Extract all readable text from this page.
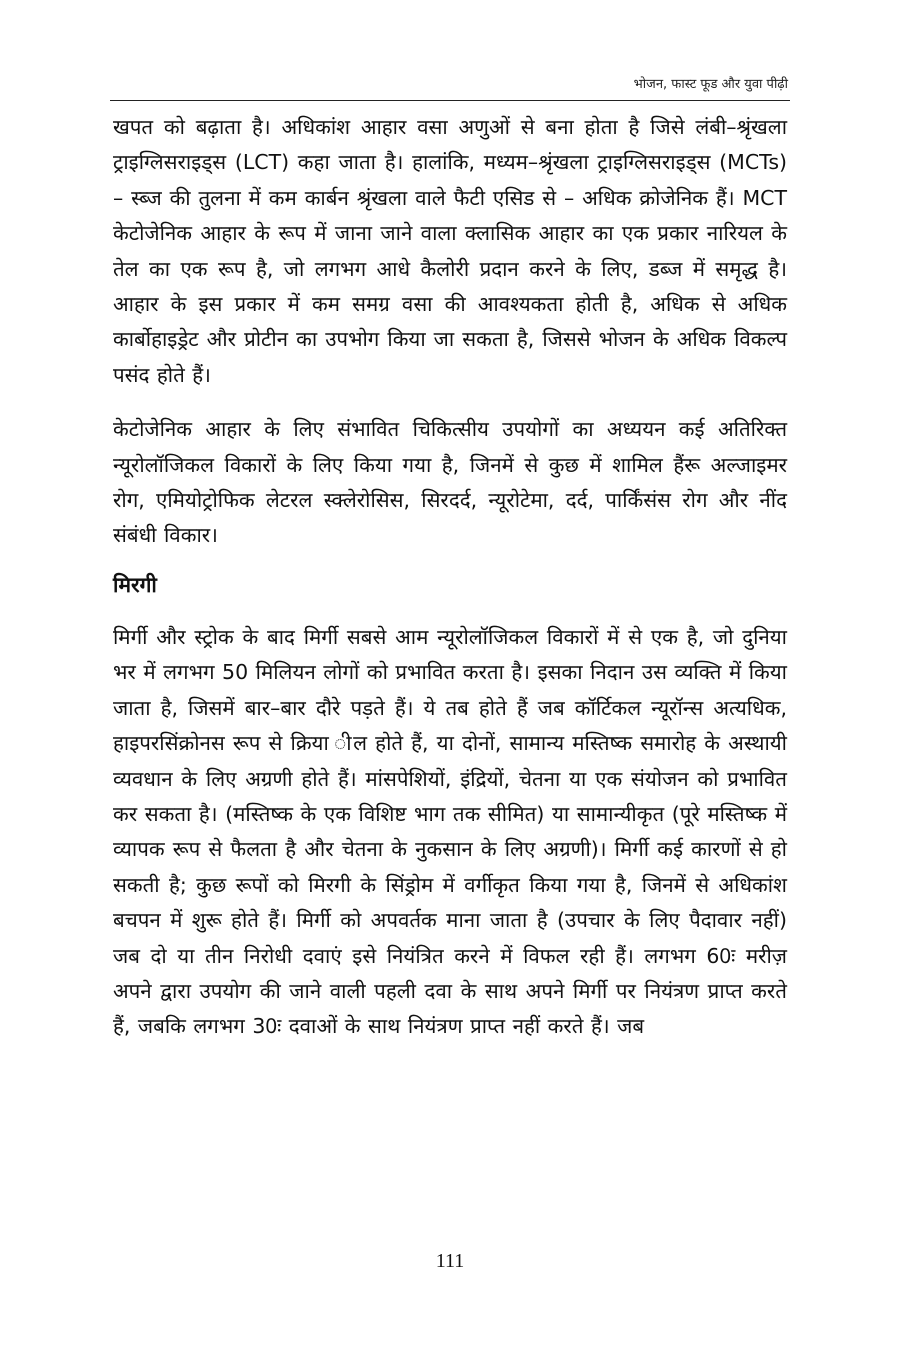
भोजन, फास्ट फूड और युवा पीढ़ी

खपत को बढ़ाता है। अधिकांश आहार वसा अणुओं से बना होता है जिसे लंबी–श्रृंखला ट्राइग्लिसराइड्स (LCT) कहा जाता है। हालांकि, मध्यम–श्रृंखला ट्राइग्लिसराइड्स (MCTs) – स्ब्ज की तुलना में कम कार्बन श्रृंखला वाले फैटी एसिड से – अधिक क्रोजेनिक हैं। MCT केटोजेनिक आहार के रूप में जाना जाने वाला क्लासिक आहार का एक प्रकार नारियल के तेल का एक रूप है, जो लगभग आधे कैलोरी प्रदान करने के लिए, डब्ज में समृद्ध है। आहार के इस प्रकार में कम समग्र वसा की आवश्यकता होती है, अधिक से अधिक कार्बोहाइड्रेट और प्रोटीन का उपभोग किया जा सकता है, जिससे भोजन के अधिक विकल्प पसंद होते हैं।

केटोजेनिक आहार के लिए संभावित चिकित्सीय उपयोगों का अध्ययन कई अतिरिक्त न्यूरोलॉजिकल विकारों के लिए किया गया है, जिनमें से कुछ में शामिल हैंरू अल्जाइमर रोग, एमियोट्रोफिक लेटरल स्क्लेरोसिस, सिरदर्द, न्यूरोटेमा, दर्द, पार्किंसंस रोग और नींद संबंधी विकार।

मिरगी

मिर्गी और स्ट्रोक के बाद मिर्गी सबसे आम न्यूरोलॉजिकल विकारों में से एक है, जो दुनिया भर में लगभग 50 मिलियन लोगों को प्रभावित करता है। इसका निदान उस व्यक्ति में किया जाता है, जिसमें बार–बार दौरे पड़ते हैं। ये तब होते हैं जब कॉर्टिकल न्यूरॉन्स अत्यधिक, हाइपरसिंक्रोनस रूप से क्रिया ील होते हैं, या दोनों, सामान्य मस्तिष्क समारोह के अस्थायी व्यवधान के लिए अग्रणी होते हैं। मांसपेशियों, इंद्रियों, चेतना या एक संयोजन को प्रभावित कर सकता है। (मस्तिष्क के एक विशिष्ट भाग तक सीमित) या सामान्यीकृत (पूरे मस्तिष्क में व्यापक रूप से फैलता है और चेतना के नुकसान के लिए अग्रणी)। मिर्गी कई कारणों से हो सकती है; कुछ रूपों को मिरगी के सिंड्रोम में वर्गीकृत किया गया है, जिनमें से अधिकांश बचपन में शुरू होते हैं। मिर्गी को अपवर्तक माना जाता है (उपचार के लिए पैदावार नहीं) जब दो या तीन निरोधी दवाएं इसे नियंत्रित करने में विफल रही हैं। लगभग 60ः मरीज़ अपने द्वारा उपयोग की जाने वाली पहली दवा के साथ अपने मिर्गी पर नियंत्रण प्राप्त करते हैं, जबकि लगभग 30ः दवाओं के साथ नियंत्रण प्राप्त नहीं करते हैं। जब

111
